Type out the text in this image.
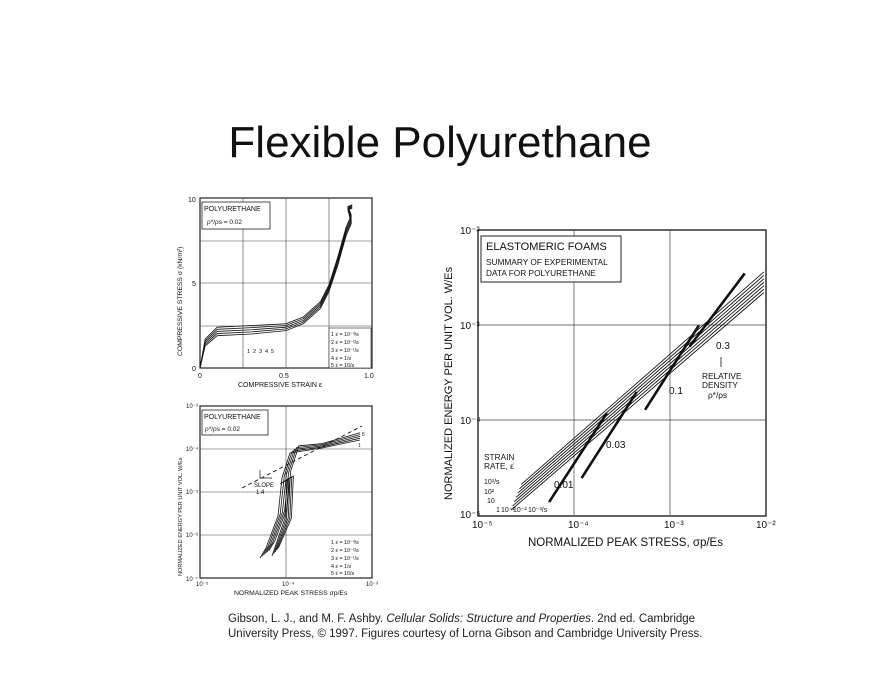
Flexible Polyurethane
POLYURETHANE
ρ*/ρs = 0.02
0
5
10
0	0.5	1.0
COMPRESSIVE STRAIN ε
COMPRESSIVE STRESS σ (kN/m²)	1 ε̇ = 10⁻³/s
2 ε̇ = 10⁻²/s
3 ε̇ = 10⁻¹/s
4 ε̇ = 1/s
5 ε̇ = 10/s
1 2 3 4 5
POLYURETHANE
ρ*/ρs = 0.02
10⁻³
10⁻⁴
10⁻⁵
10⁻⁶
10⁻⁷
10⁻⁵	10⁻⁴	10⁻³
NORMALIZED PEAK STRESS σp/Es
NORMALIZED ENERGY PER UNIT VOL. W/Es	SLOPE
1.4
5
1
1 ε̇ = 10⁻³/s
2 ε̇ = 10⁻²/s
3 ε̇ = 10⁻¹/s
4 ε̇ = 1/s
5 ε̇ = 10/s
ELASTOMERIC FOAMS
SUMMARY OF EXPERIMENTAL
DATA FOR POLYURETHANE
10⁻²
10⁻³
10⁻⁴
10⁻⁵
10⁻⁵	10⁻⁴	10⁻³	10⁻²
NORMALIZED PEAK STRESS, σp/Es
NORMALIZED ENERGY PER UNIT VOL. W/Es	0.01
0.03
0.1
0.3
RELATIVE
DENSITY
ρ*/ρs
STRAIN
RATE, ε̇
10³/s
10²
10
1 10⁻¹
10⁻² 10⁻³/s
Gibson, L. J., and M. F. Ashby. Cellular Solids: Structure and Properties. 2nd ed. Cambridge University Press, © 1997. Figures courtesy of Lorna Gibson and Cambridge University Press.
